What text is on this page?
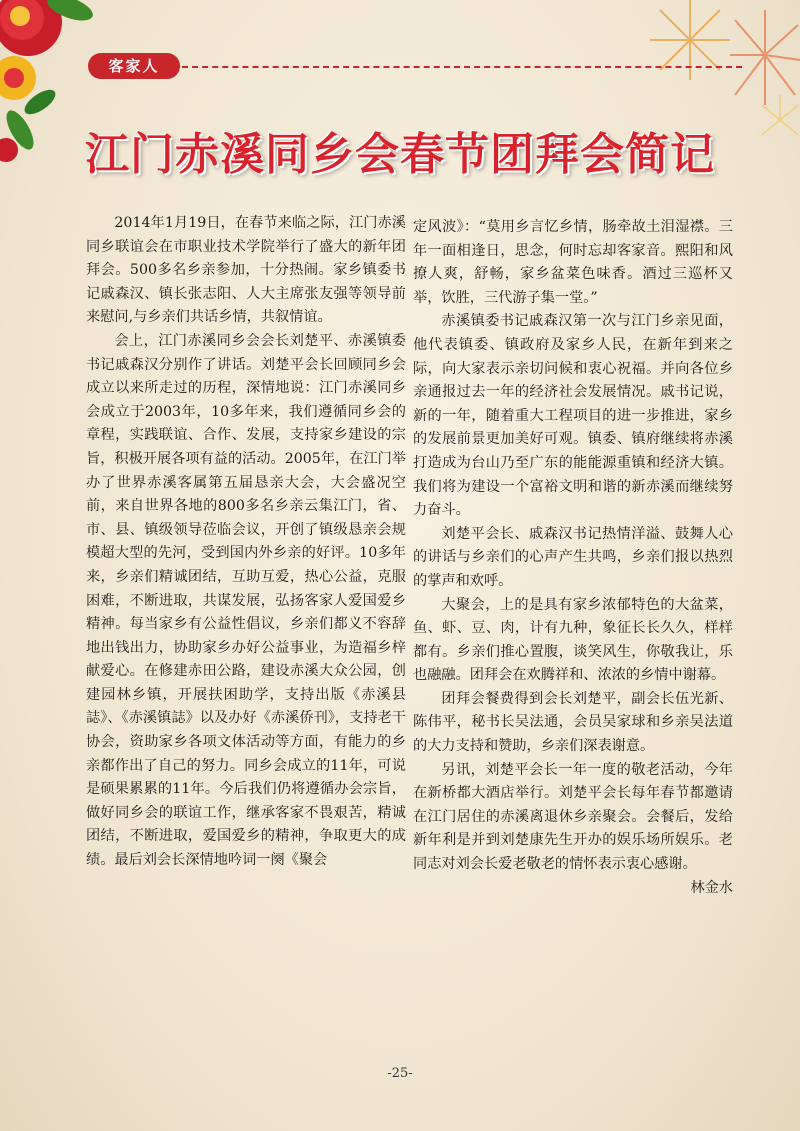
客家人
江门赤溪同乡会春节团拜会简记

2014年1月19日，在春节来临之际，江门赤溪同乡联谊会在市职业技术学院举行了盛大的新年团拜会。500多名乡亲参加，十分热闹。家乡镇委书记戚森汉、镇长张志阳、人大主席张友强等领导前来慰问,与乡亲们共话乡情，共叙情谊。

会上，江门赤溪同乡会会长刘楚平、赤溪镇委书记戚森汉分别作了讲话。刘楚平会长回顾同乡会成立以来所走过的历程，深情地说：江门赤溪同乡会成立于2003年，10多年来，我们遵循同乡会的章程，实践联谊、合作、发展，支持家乡建设的宗旨，积极开展各项有益的活动。2005年，在江门举办了世界赤溪客属第五届恳亲大会，大会盛况空前，来自世界各地的800多名乡亲云集江门，省、市、县、镇级领导莅临会议，开创了镇级恳亲会规模超大型的先河，受到国内外乡亲的好评。10多年来，乡亲们精诚团结，互助互爱，热心公益，克服困难，不断进取，共谋发展，弘扬客家人爱国爱乡精神。每当家乡有公益性倡议，乡亲们都义不容辞地出钱出力，协助家乡办好公益事业，为造福乡梓献爱心。在修建赤田公路，建设赤溪大众公园，创建园林乡镇，开展扶困助学，支持出版《赤溪县誌》、《赤溪镇誌》以及办好《赤溪侨刊》，支持老干协会，资助家乡各项文体活动等方面，有能力的乡亲都作出了自己的努力。同乡会成立的11年，可说是硕果累累的11年。今后我们仍将遵循办会宗旨，做好同乡会的联谊工作，继承客家不畏艰苦，精诚团结，不断进取，爱国爱乡的精神，争取更大的成绩。最后刘会长深情地吟词一阕《聚会

定风波》：“莫用乡言忆乡情，肠牵故土泪湿襟。三年一面相逢日，思念，何时忘却客家音。熙阳和风撩人爽，舒畅，家乡盆菜色味香。酒过三巡杯又举，饮胜，三代游子集一堂。”

赤溪镇委书记戚森汉第一次与江门乡亲见面，他代表镇委、镇政府及家乡人民，在新年到来之际，向大家表示亲切问候和衷心祝福。并向各位乡亲通报过去一年的经济社会发展情况。戚书记说，新的一年，随着重大工程项目的进一步推进，家乡的发展前景更加美好可观。镇委、镇府继续将赤溪打造成为台山乃至广东的能能源重镇和经济大镇。我们将为建设一个富裕文明和谐的新赤溪而继续努力奋斗。

刘楚平会长、戚森汉书记热情洋溢、鼓舞人心的讲话与乡亲们的心声产生共鸣，乡亲们报以热烈的掌声和欢呼。

大聚会，上的是具有家乡浓郁特色的大盆菜，鱼、虾、豆、肉，计有九种，象征长长久久，样样都有。乡亲们推心置腹，谈笑风生，你敬我让，乐也融融。团拜会在欢腾祥和、浓浓的乡情中谢幕。

团拜会餐费得到会长刘楚平，副会长伍光新、陈伟平，秘书长吴法通，会员吴家球和乡亲吴法道的大力支持和赞助，乡亲们深表谢意。

另讯，刘楚平会长一年一度的敬老活动，今年在新桥都大酒店举行。刘楚平会长每年春节都邀请在江门居住的赤溪离退休乡亲聚会。会餐后，发给新年利是并到刘楚康先生开办的娱乐场所娱乐。老同志对刘会长爱老敬老的情怀表示衷心感谢。

林金水

-25-
